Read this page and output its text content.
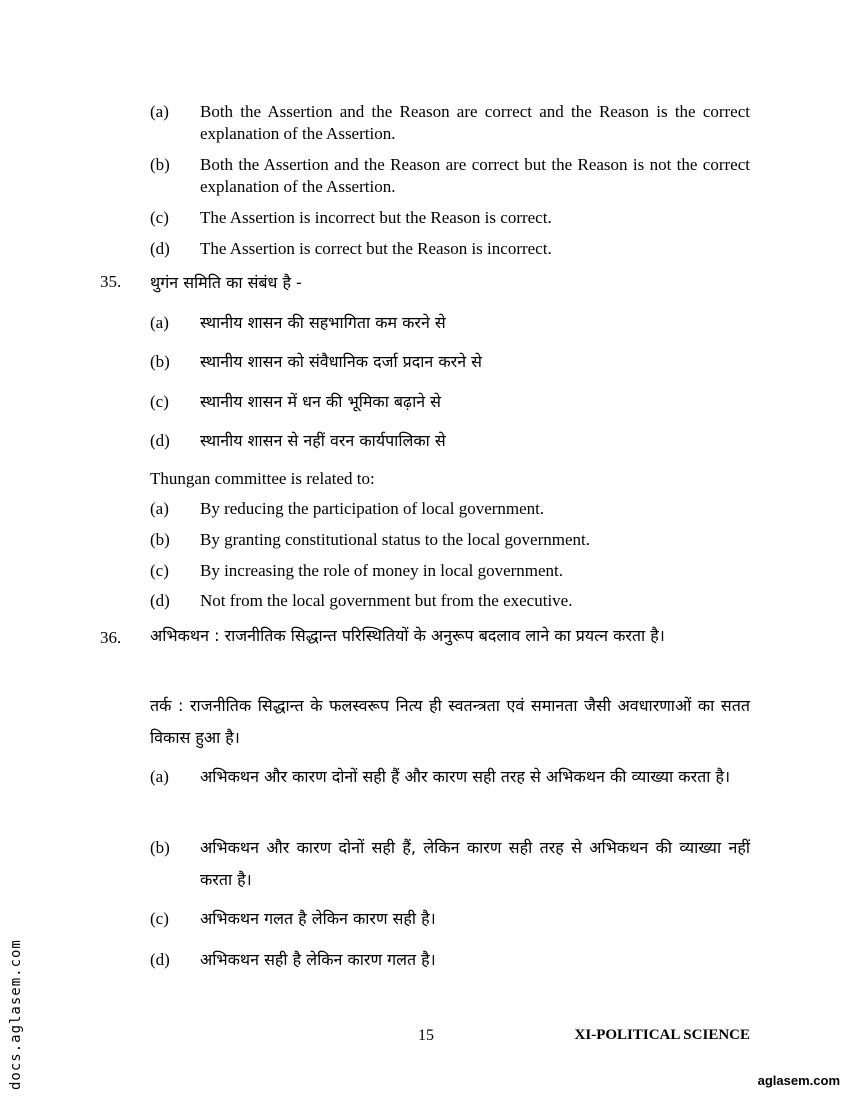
(a) Both the Assertion and the Reason are correct and the Reason is the correct explanation of the Assertion.
(b) Both the Assertion and the Reason are correct but the Reason is not the correct explanation of the Assertion.
(c) The Assertion is incorrect but the Reason is correct.
(d) The Assertion is correct but the Reason is incorrect.
35. थुगंन समिति का संबंध है -
(a) स्थानीय शासन की सहभागिता कम करने से
(b) स्थानीय शासन को संवैधानिक दर्जा प्रदान करने से
(c) स्थानीय शासन में धन की भूमिका बढ़ाने से
(d) स्थानीय शासन से नहीं वरन कार्यपालिका से
Thungan committee is related to:
(a) By reducing the participation of local government.
(b) By granting constitutional status to the local government.
(c) By increasing the role of money in local government.
(d) Not from the local government but from the executive.
36. अभिकथन : राजनीतिक सिद्धान्त परिस्थितियों के अनुरूप बदलाव लाने का प्रयत्न करता है।
तर्क : राजनीतिक सिद्धान्त के फलस्वरूप नित्य ही स्वतन्त्रता एवं समानता जैसी अवधारणाओं का सतत विकास हुआ है।
(a) अभिकथन और कारण दोनों सही हैं और कारण सही तरह से अभिकथन की व्याख्या करता है।
(b) अभिकथन और कारण दोनों सही हैं, लेकिन कारण सही तरह से अभिकथन की व्याख्या नहीं करता है।
(c) अभिकथन गलत है लेकिन कारण सही है।
(d) अभिकथन सही है लेकिन कारण गलत है।
15	XI-POLITICAL SCIENCE
docs.aglasem.com	aglasem.com
